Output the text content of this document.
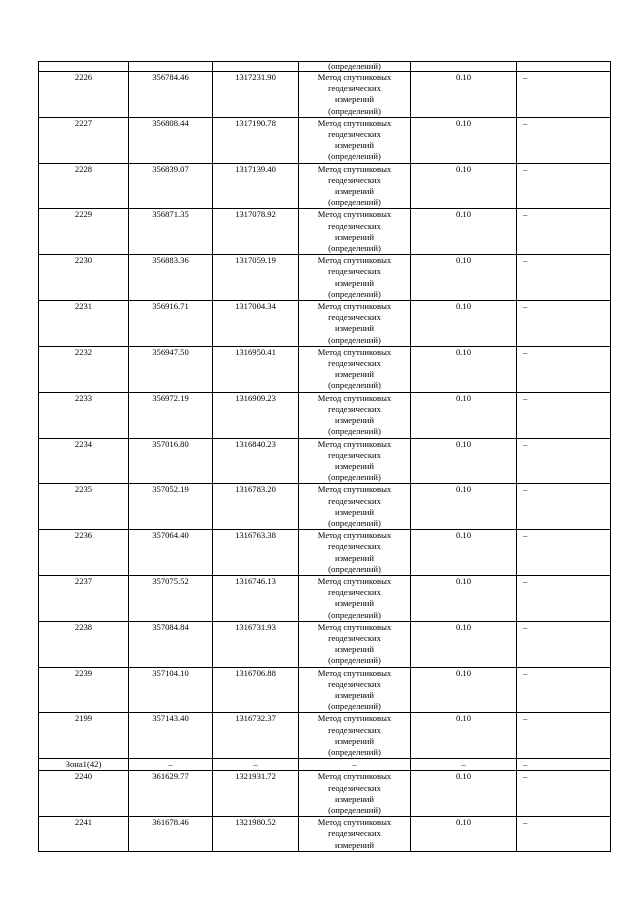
			(определений)		
2226	356784.46	1317231.90	Метод спутниковых
геодезических
измерений
(определений)	0.10	–
2227	356808.44	1317190.78	Метод спутниковых
геодезических
измерений
(определений)	0.10	–
2228	356839.07	1317139.40	Метод спутниковых
геодезических
измерений
(определений)	0.10	–
2229	356871.35	1317078.92	Метод спутниковых
геодезических
измерений
(определений)	0.10	–
2230	356883.36	1317059.19	Метод спутниковых
геодезических
измерений
(определений)	0.10	–
2231	356916.71	1317004.34	Метод спутниковых
геодезических
измерений
(определений)	0.10	–
2232	356947.50	1316950.41	Метод спутниковых
геодезических
измерений
(определений)	0.10	–
2233	356972.19	1316909.23	Метод спутниковых
геодезических
измерений
(определений)	0.10	–
2234	357016.80	1316840.23	Метод спутниковых
геодезических
измерений
(определений)	0.10	–
2235	357052.19	1316783.20	Метод спутниковых
геодезических
измерений
(определений)	0.10	–
2236	357064.40	1316763.38	Метод спутниковых
геодезических
измерений
(определений)	0.10	–
2237	357075.52	1316746.13	Метод спутниковых
геодезических
измерений
(определений)	0.10	–
2238	357084.84	1316731.93	Метод спутниковых
геодезических
измерений
(определений)	0.10	–
2239	357104.10	1316706.88	Метод спутниковых
геодезических
измерений
(определений)	0.10	–
2199	357143.40	1316732.37	Метод спутниковых
геодезических
измерений
(определений)	0.10	–
Зона1(42)	–	–	–	–	–
2240	361629.77	1321931.72	Метод спутниковых
геодезических
измерений
(определений)	0.10	–
2241	361678.46	1321980.52	Метод спутниковых
геодезических
измерений	0.10	–
